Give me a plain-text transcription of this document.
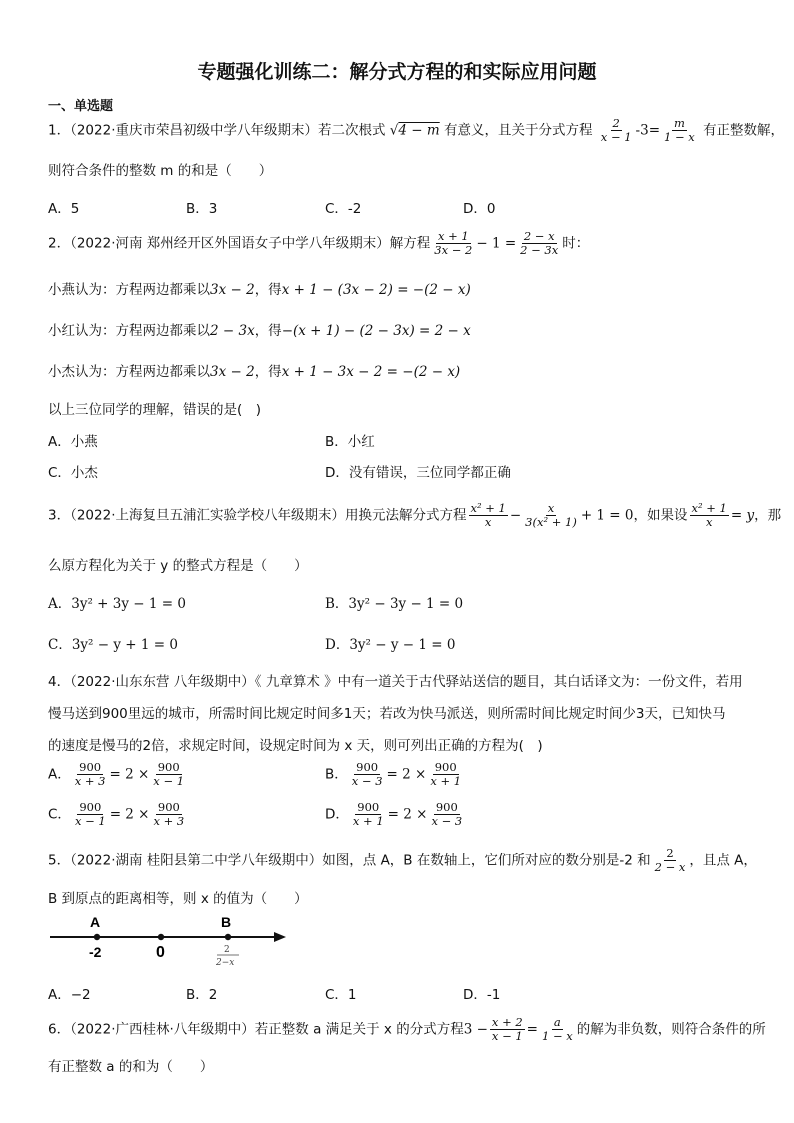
专题强化训练二：解分式方程的和实际应用问题
一、单选题
1．（2022·重庆市荣昌初级中学八年级期末）若二次根式 √4 − m 有意义，且关于分式方程 $\frac{2}{x - 1} -3= \frac{m}{1 - x}$ 有正整数解，
则符合条件的整数 m 的和是（　　）
A．5	B．3	C．-2	D．0
2．（2022·河南 郑州经开区外国语女子中学八年级期末）解方程 $\frac{x + 1}{3x - 2} - 1 = \frac{2 - x}{2 - 3x}$ 时：
小燕认为：方程两边都乘以3x − 2，得x + 1 − (3x − 2) = −(2 − x)
小红认为：方程两边都乘以2 − 3x，得−(x + 1) − (2 − 3x) = 2 − x
小杰认为：方程两边都乘以3x − 2，得x + 1 − 3x − 2 = −(2 − x)
以上三位同学的理解，错误的是(　)
A．小燕	B．小红
C．小杰	D．没有错误，三位同学都正确
3．（2022·上海复旦五浦汇实验学校八年级期末）用换元法解分式方程 $\frac{\text{x² + 1}}{x} - \frac{x}{\text{3(x² + 1)}} + 1 = 0$，如果设 $\frac{\text{x² + 1}}{x} = y$，那
么原方程化为关于 y 的整式方程是（　　）
A．3y² + 3y − 1 = 0	B．3y² − 3y − 1 = 0
C．3y² − y + 1 = 0	D．3y² − y − 1 = 0
4．（2022·山东东营 八年级期中）《 九章算术 》中有一道关于古代驿站送信的题目，其白话译文为：一份文件，若用
慢马送到900里远的城市，所需时间比规定时间多1天；若改为快马派送，则所需时间比规定时间少3天，已知快马
的速度是慢马的2倍，求规定时间，设规定时间为 x 天，则可列出正确的方程为(　)
A． $\frac{900}{x + 3} = 2 \times \frac{900}{x - 1}$	B． $\frac{900}{x - 3} = 2 \times \frac{900}{x + 1}$
C． $\frac{900}{x - 1} = 2 \times \frac{900}{x + 3}$	D． $\frac{900}{x + 1} = 2 \times \frac{900}{x - 3}$
5．（2022·湖南 桂阳县第二中学八年级期中）如图，点 A，B 在数轴上，它们所对应的数分别是-2 和 $\frac{2}{2 - x}$ ，且点 A，
B 到原点的距离相等，则 x 的值为（　　）
A	B
-2	0	2
2−x
A．−2	B．2	C．1	D．-1
6．（2022·广西桂林·八年级期中）若正整数 a 满足关于 x 的分式方程$3 - \frac{x + 2}{x - 1} = \frac{a}{1 - x}$ 的解为非负数，则符合条件的所
有正整数 a 的和为（　　）
